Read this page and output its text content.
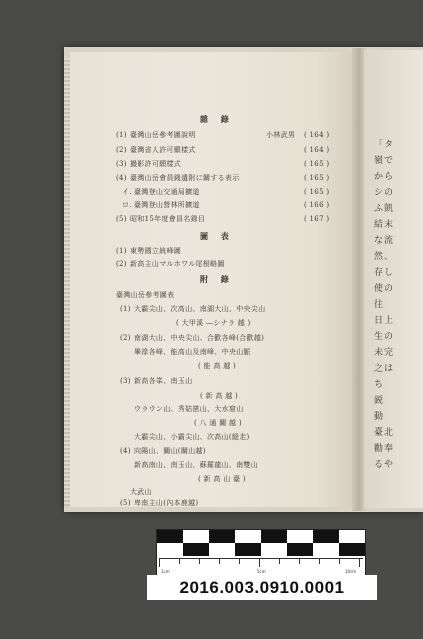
雜 錄
(1) 臺灣山岳參考圖說明	小林武男 ( 164 )
(2) 臺灣省人許可願樣式	( 164 )
(3) 撮影許可願樣式	( 165 )
(4) 臺灣山岳會員錢遺附に關する表示	( 165 )
イ. 臺灣登山交通局擴道	( 165 )
ロ. 臺灣登山營林所擴道	( 166 )
(5) 昭和15年度會員名錄目	( 167 )
圖 表
(1) 東勢國立統峰圖
(2) 新高主山マルホワル尾根略圖
附 錄
臺灣山岳參考圖表
(1) 大霸尖山、次高山、南湖大山、中央尖山
( 大甲溪 ―シナラ 越 )
(2) 南湖大山、中央尖山、合歡各峰(合歡越)
畢祿各峰、能高山及南峰、中央山脈
( 能 高 越 )
(3) 新高各峯、南玉山
( 新 高 越 )
ウラウン山、秀姑巒山、大水窟山
( 八 通 關 越 )
大霸尖山、小霸尖山、次高山(縦走)
(4) 向陽山、關山(關山越)
新高南山、南玉山、蘇羅龍山、南雙山
( 新 高 山 臺 )
大武山
(5) 卑南主山(內本鹿越)
「タ
嶺で
から
シの
ふ凱
結末
な流
然、
存し
使の
往
日上
生の
未完
之は
ち
鋭
動
臺北
勸奉
るや
1cm	5cm	10cm
2016.003.0910.0001
